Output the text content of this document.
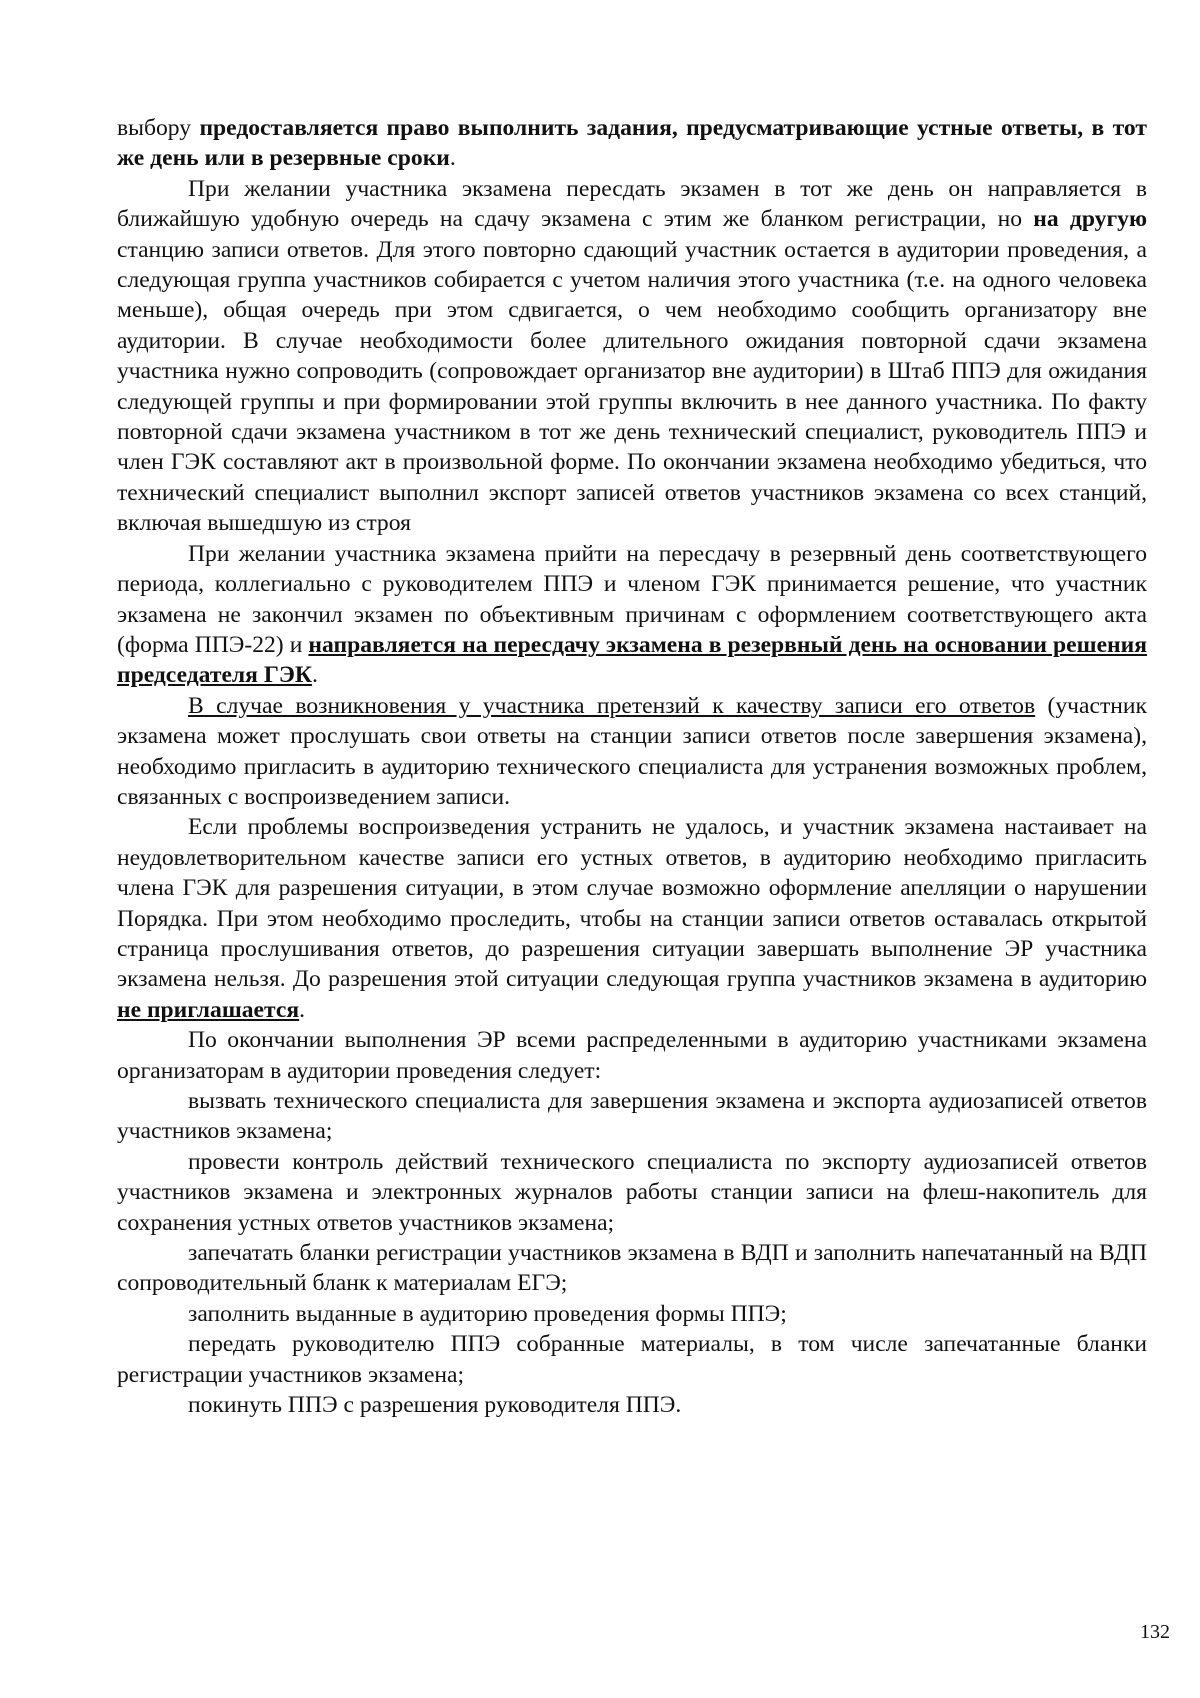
выбору предоставляется право выполнить задания, предусматривающие устные ответы, в тот же день или в резервные сроки.

При желании участника экзамена пересдать экзамен в тот же день он направляется в ближайшую удобную очередь на сдачу экзамена с этим же бланком регистрации, но на другую станцию записи ответов. Для этого повторно сдающий участник остается в аудитории проведения, а следующая группа участников собирается с учетом наличия этого участника (т.е. на одного человека меньше), общая очередь при этом сдвигается, о чем необходимо сообщить организатору вне аудитории. В случае необходимости более длительного ожидания повторной сдачи экзамена участника нужно сопроводить (сопровождает организатор вне аудитории) в Штаб ППЭ для ожидания следующей группы и при формировании этой группы включить в нее данного участника. По факту повторной сдачи экзамена участником в тот же день технический специалист, руководитель ППЭ и член ГЭК составляют акт в произвольной форме. По окончании экзамена необходимо убедиться, что технический специалист выполнил экспорт записей ответов участников экзамена со всех станций, включая вышедшую из строя

При желании участника экзамена прийти на пересдачу в резервный день соответствующего периода, коллегиально с руководителем ППЭ и членом ГЭК принимается решение, что участник экзамена не закончил экзамен по объективным причинам с оформлением соответствующего акта (форма ППЭ-22) и направляется на пересдачу экзамена в резервный день на основании решения председателя ГЭК.

В случае возникновения у участника претензий к качеству записи его ответов (участник экзамена может прослушать свои ответы на станции записи ответов после завершения экзамена), необходимо пригласить в аудиторию технического специалиста для устранения возможных проблем, связанных с воспроизведением записи.

Если проблемы воспроизведения устранить не удалось, и участник экзамена настаивает на неудовлетворительном качестве записи его устных ответов, в аудиторию необходимо пригласить члена ГЭК для разрешения ситуации, в этом случае возможно оформление апелляции о нарушении Порядка. При этом необходимо проследить, чтобы на станции записи ответов оставалась открытой страница прослушивания ответов, до разрешения ситуации завершать выполнение ЭР участника экзамена нельзя. До разрешения этой ситуации следующая группа участников экзамена в аудиторию не приглашается.

По окончании выполнения ЭР всеми распределенными в аудиторию участниками экзамена организаторам в аудитории проведения следует:

вызвать технического специалиста для завершения экзамена и экспорта аудиозаписей ответов участников экзамена;

провести контроль действий технического специалиста по экспорту аудиозаписей ответов участников экзамена и электронных журналов работы станции записи на флеш-накопитель для сохранения устных ответов участников экзамена;

запечатать бланки регистрации участников экзамена в ВДП и заполнить напечатанный на ВДП сопроводительный бланк к материалам ЕГЭ;

заполнить выданные в аудиторию проведения формы ППЭ;

передать руководителю ППЭ собранные материалы, в том числе запечатанные бланки регистрации участников экзамена;

покинуть ППЭ с разрешения руководителя ППЭ.

132
